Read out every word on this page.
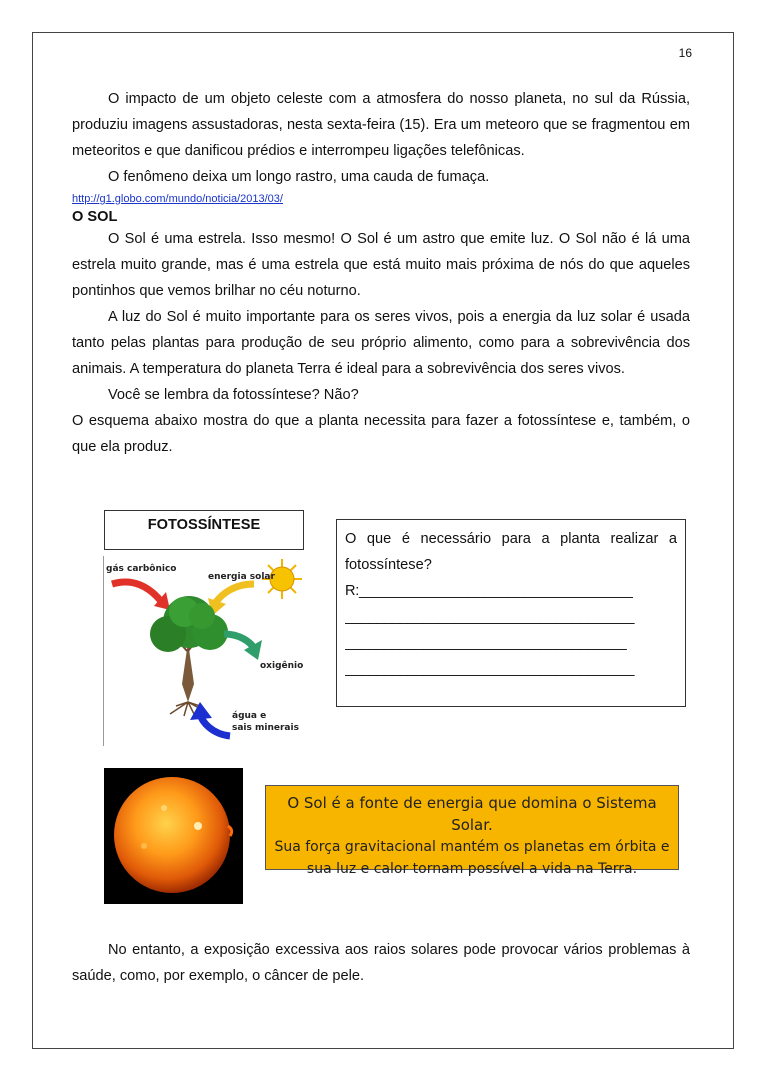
16

O impacto de um objeto celeste com a atmosfera do nosso planeta, no sul da Rússia, produziu imagens assustadoras, nesta sexta-feira (15). Era um meteoro que se fragmentou em meteoritos e que danificou prédios e interrompeu ligações telefônicas.

O fenômeno deixa um longo rastro, uma cauda de fumaça.

http://g1.globo.com/mundo/noticia/2013/03/

O SOL

O Sol é uma estrela. Isso mesmo! O Sol é um astro que emite luz. O Sol não é lá uma estrela muito grande, mas é uma estrela que está muito mais próxima de nós do que aqueles pontinhos que vemos brilhar no céu noturno.

A luz do Sol é muito importante para os seres vivos, pois a energia da luz solar é usada tanto pelas plantas para produção de seu próprio alimento, como para a sobrevivência dos animais. A temperatura do planeta Terra é ideal para a sobrevivência dos seres vivos.

Você se lembra da fotossíntese? Não?

O esquema abaixo mostra do que a planta necessita para fazer a fotossíntese e, também, o que ela produz.

FOTOSSÍNTESE
gás carbônico
energia solar
oxigênio
água e
sais minerais

O que é necessário para a planta realizar a fotossíntese?

R:___________________________________

_____________________________________

____________________________________

_____________________________________

O Sol é a fonte de energia que domina o Sistema Solar.
Sua força gravitacional mantém os planetas em órbita e
sua luz e calor tornam possível a vida na Terra.

No entanto, a exposição excessiva aos raios solares pode provocar vários problemas à saúde, como, por exemplo, o câncer de pele.
